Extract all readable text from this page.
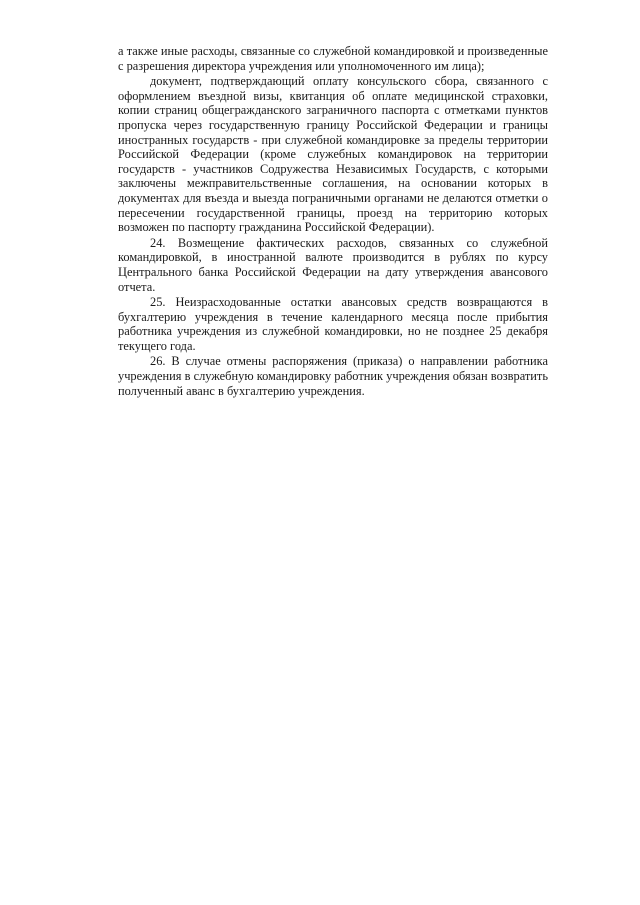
а также иные расходы, связанные со служебной командировкой и произведенные с разрешения директора учреждения или уполномоченного им лица);

документ, подтверждающий оплату консульского сбора, связанного с оформлением въездной визы, квитанция об оплате медицинской страховки, копии страниц общегражданского заграничного паспорта с отметками пунктов пропуска через государственную границу Российской Федерации и границы иностранных государств - при служебной командировке за пределы территории Российской Федерации (кроме служебных командировок на территории государств - участников Содружества Независимых Государств, с которыми заключены межправительственные соглашения, на основании которых в документах для въезда и выезда пограничными органами не делаются отметки о пересечении государственной границы, проезд на территорию которых возможен по паспорту гражданина Российской Федерации).

24. Возмещение фактических расходов, связанных со служебной командировкой, в иностранной валюте производится в рублях по курсу Центрального банка Российской Федерации на дату утверждения авансового отчета.

25. Неизрасходованные остатки авансовых средств возвращаются в бухгалтерию учреждения в течение календарного месяца после прибытия работника учреждения из служебной командировки, но не позднее 25 декабря текущего года.

26. В случае отмены распоряжения (приказа) о направлении работника учреждения в служебную командировку работник учреждения обязан возвратить полученный аванс в бухгалтерию учреждения.
